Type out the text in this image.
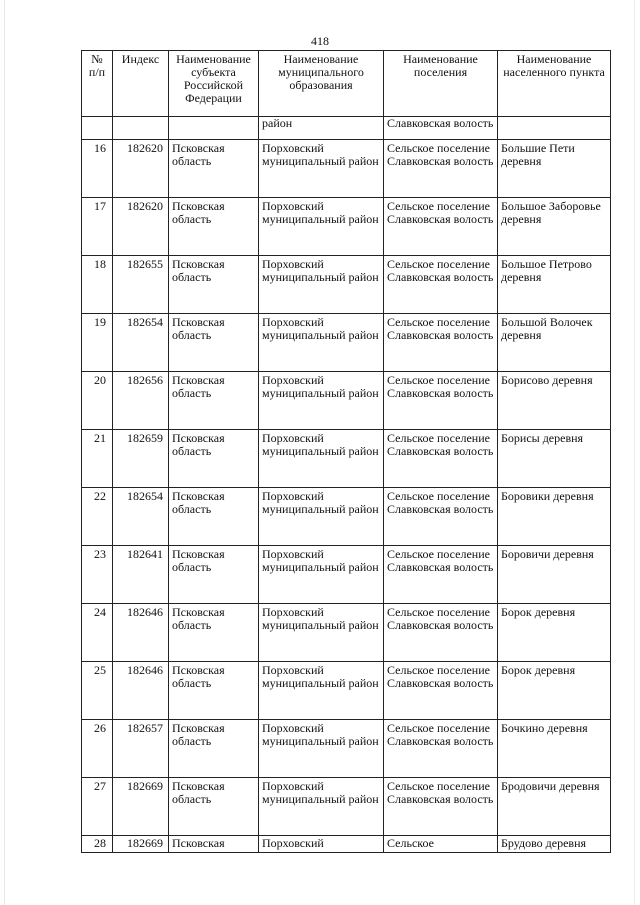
418
№ п/п	Индекс	Наименование субъекта Российской Федерации	Наименование муниципального образования	Наименование поселения	Наименование населенного пункта
			район	Славковская волость	
16	182620	Псковская область	Порховский муниципальный район	Сельское поселение Славковская волость	Большие Пети деревня
17	182620	Псковская область	Порховский муниципальный район	Сельское поселение Славковская волость	Большое Заборовье деревня
18	182655	Псковская область	Порховский муниципальный район	Сельское поселение Славковская волость	Большое Петрово деревня
19	182654	Псковская область	Порховский муниципальный район	Сельское поселение Славковская волость	Большой Волочек деревня
20	182656	Псковская область	Порховский муниципальный район	Сельское поселение Славковская волость	Борисово деревня
21	182659	Псковская область	Порховский муниципальный район	Сельское поселение Славковская волость	Борисы деревня
22	182654	Псковская область	Порховский муниципальный район	Сельское поселение Славковская волость	Боровики деревня
23	182641	Псковская область	Порховский муниципальный район	Сельское поселение Славковская волость	Боровичи деревня
24	182646	Псковская область	Порховский муниципальный район	Сельское поселение Славковская волость	Борок деревня
25	182646	Псковская область	Порховский муниципальный район	Сельское поселение Славковская волость	Борок деревня
26	182657	Псковская область	Порховский муниципальный район	Сельское поселение Славковская волость	Бочкино деревня
27	182669	Псковская область	Порховский муниципальный район	Сельское поселение Славковская волость	Бродовичи деревня
28	182669	Псковская	Порховский	Сельское	Брудово деревня
